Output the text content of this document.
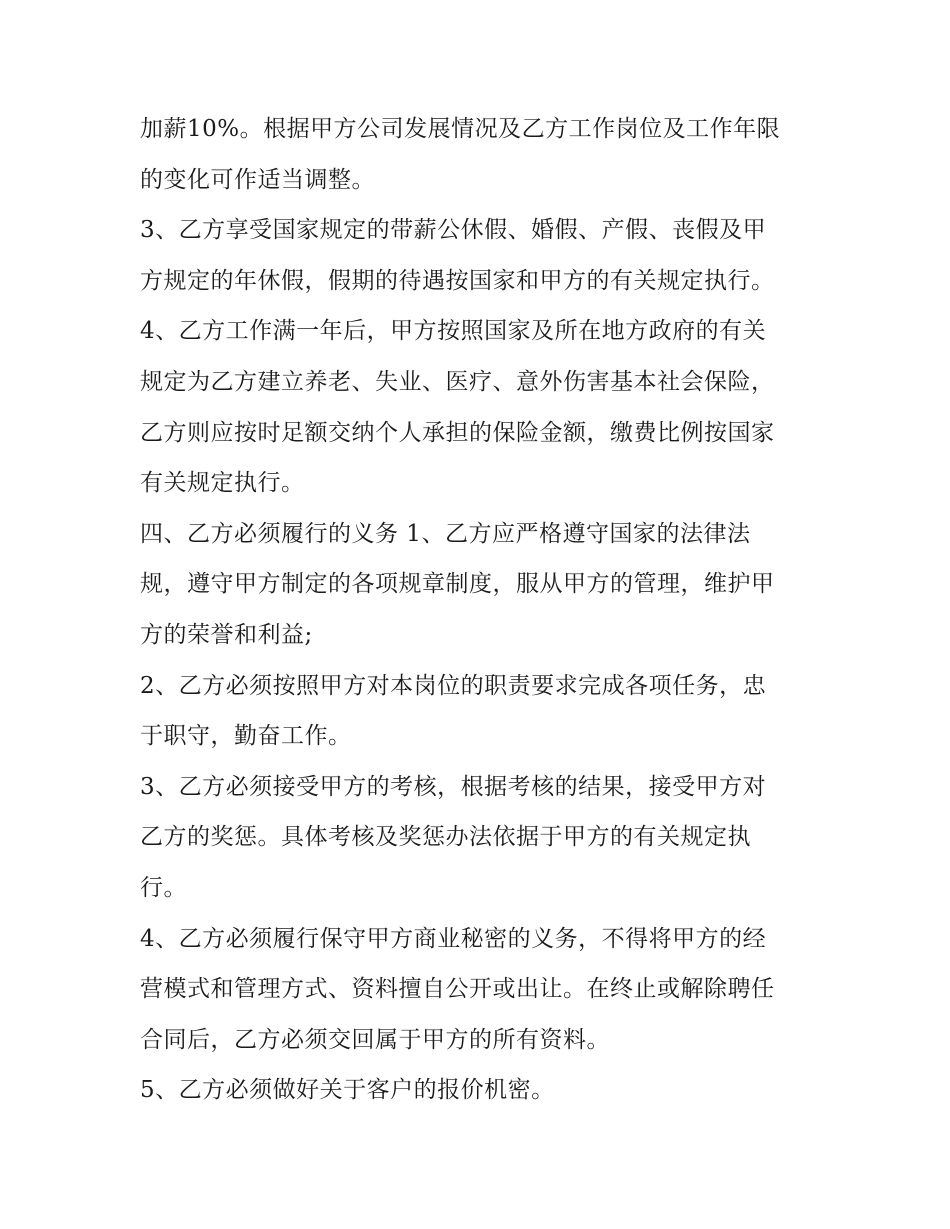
加薪10%。根据甲方公司发展情况及乙方工作岗位及工作年限
的变化可作适当调整。
3、乙方享受国家规定的带薪公休假、婚假、产假、丧假及甲
方规定的年休假，假期的待遇按国家和甲方的有关规定执行。
4、乙方工作满一年后，甲方按照国家及所在地方政府的有关
规定为乙方建立养老、失业、医疗、意外伤害基本社会保险，
乙方则应按时足额交纳个人承担的保险金额，缴费比例按国家
有关规定执行。
四、乙方必须履行的义务 1、乙方应严格遵守国家的法律法
规，遵守甲方制定的各项规章制度，服从甲方的管理，维护甲
方的荣誉和利益;
2、乙方必须按照甲方对本岗位的职责要求完成各项任务，忠
于职守，勤奋工作。
3、乙方必须接受甲方的考核，根据考核的结果，接受甲方对
乙方的奖惩。具体考核及奖惩办法依据于甲方的有关规定执
行。
4、乙方必须履行保守甲方商业秘密的义务，不得将甲方的经
营模式和管理方式、资料擅自公开或出让。在终止或解除聘任
合同后，乙方必须交回属于甲方的所有资料。
5、乙方必须做好关于客户的报价机密。
